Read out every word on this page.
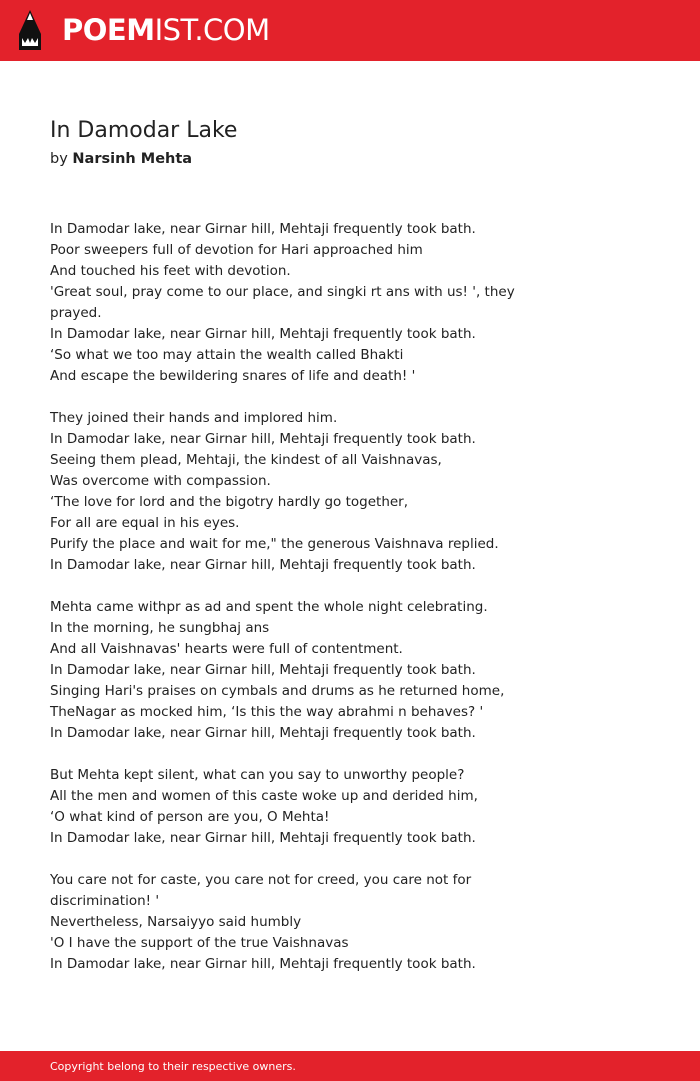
POEMIST.COM
In Damodar Lake
by Narsinh Mehta
In Damodar lake, near Girnar hill, Mehtaji frequently took bath.
Poor sweepers full of devotion for Hari approached him
And touched his feet with devotion.
'Great soul, pray come to our place, and singki rt ans with us! ', they
prayed.
In Damodar lake, near Girnar hill, Mehtaji frequently took bath.
‘So what we too may attain the wealth called Bhakti
And escape the bewildering snares of life and death! '
They joined their hands and implored him.
In Damodar lake, near Girnar hill, Mehtaji frequently took bath.
Seeing them plead, Mehtaji, the kindest of all Vaishnavas,
Was overcome with compassion.
‘The love for lord and the bigotry hardly go together,
For all are equal in his eyes.
Purify the place and wait for me," the generous Vaishnava replied.
In Damodar lake, near Girnar hill, Mehtaji frequently took bath.
Mehta came withpr as ad and spent the whole night celebrating.
In the morning, he sungbhaj ans
And all Vaishnavas' hearts were full of contentment.
In Damodar lake, near Girnar hill, Mehtaji frequently took bath.
Singing Hari's praises on cymbals and drums as he returned home,
TheNagar as mocked him, ‘Is this the way abrahmi n behaves? '
In Damodar lake, near Girnar hill, Mehtaji frequently took bath.
But Mehta kept silent, what can you say to unworthy people?
All the men and women of this caste woke up and derided him,
‘O what kind of person are you, O Mehta!
In Damodar lake, near Girnar hill, Mehtaji frequently took bath.
You care not for caste, you care not for creed, you care not for
discrimination! '
Nevertheless, Narsaiyyo said humbly
'O I have the support of the true Vaishnavas
In Damodar lake, near Girnar hill, Mehtaji frequently took bath.
Copyright belong to their respective owners.
